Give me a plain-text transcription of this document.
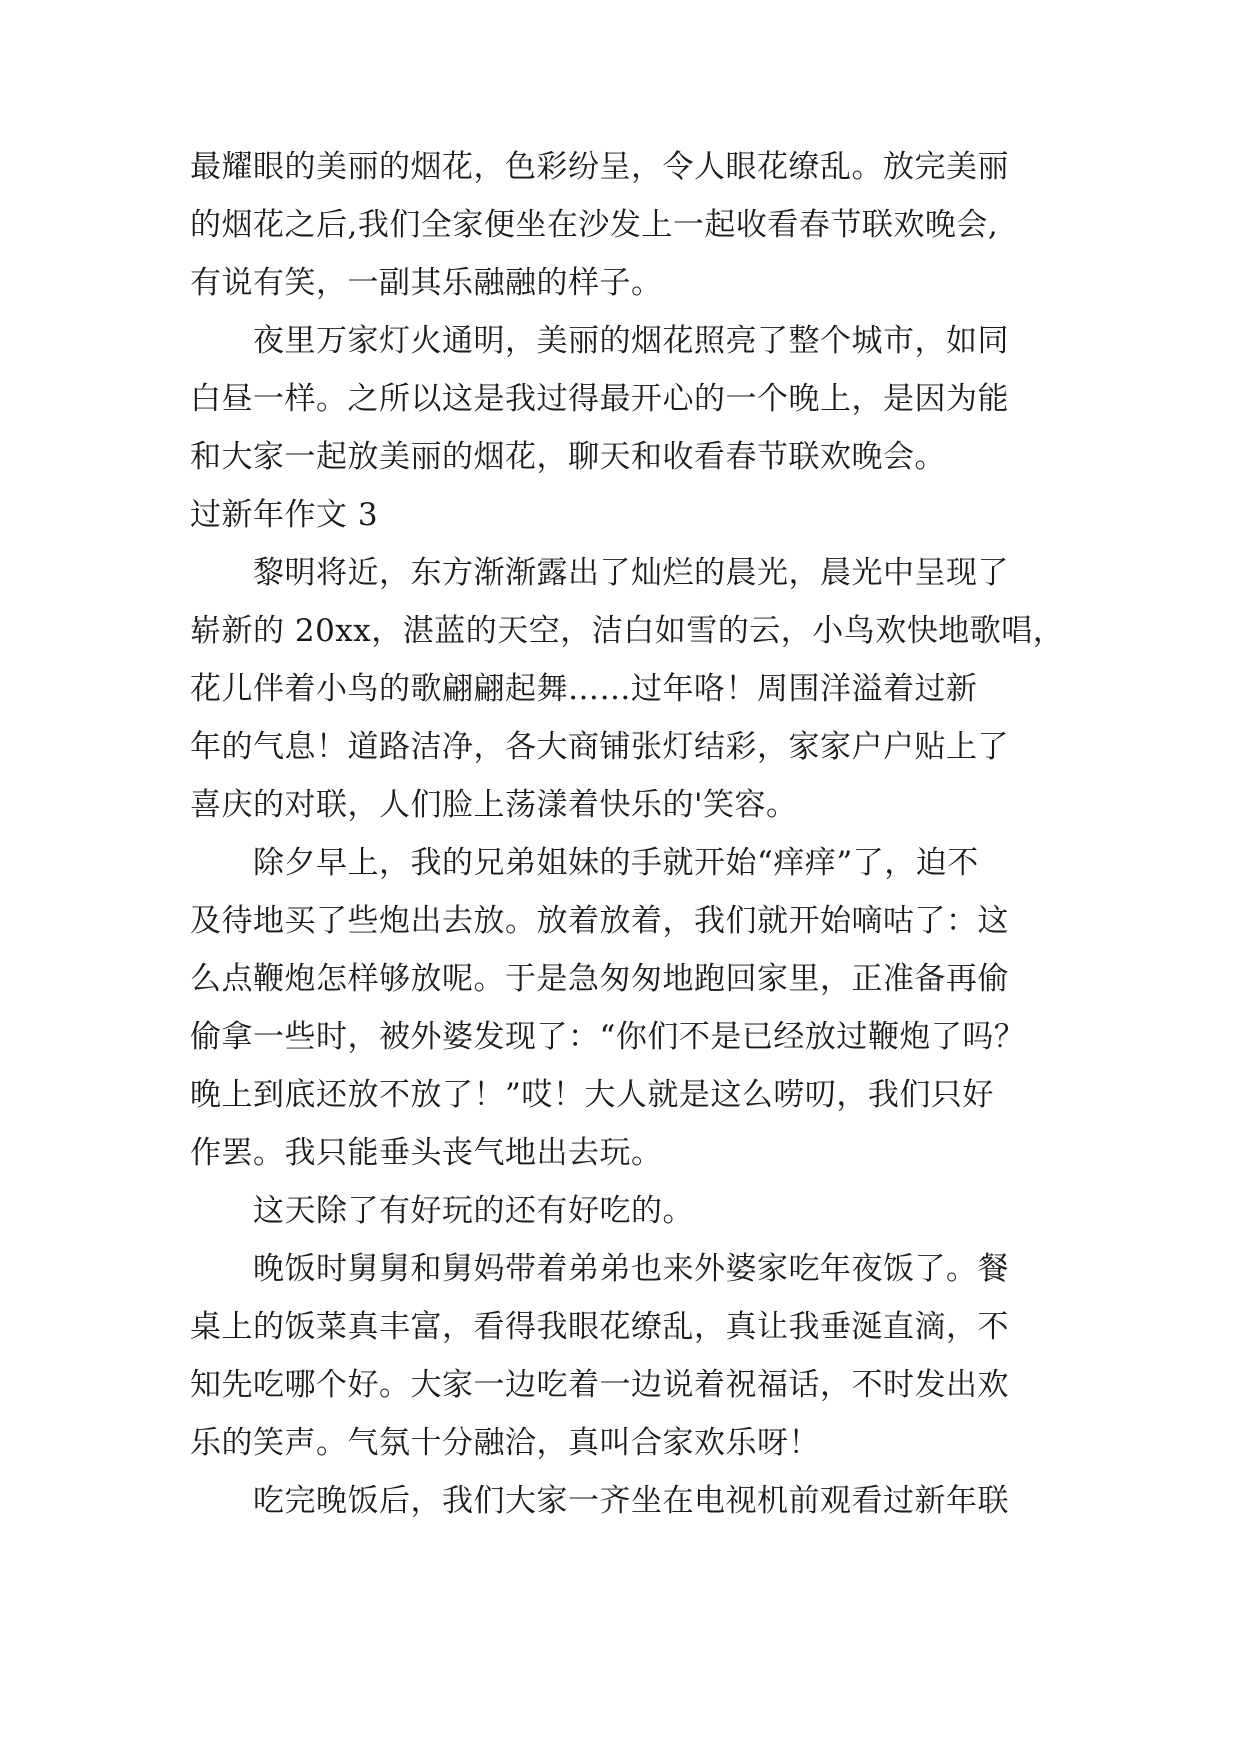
最耀眼的美丽的烟花，色彩纷呈，令人眼花缭乱。放完美丽
的烟花之后,我们全家便坐在沙发上一起收看春节联欢晚会,
有说有笑，一副其乐融融的样子。
　　夜里万家灯火通明，美丽的烟花照亮了整个城市，如同
白昼一样。之所以这是我过得最开心的一个晚上，是因为能
和大家一起放美丽的烟花，聊天和收看春节联欢晚会。
过新年作文 3
　　黎明将近，东方渐渐露出了灿烂的晨光，晨光中呈现了
崭新的 20xx，湛蓝的天空，洁白如雪的云，小鸟欢快地歌唱，
花儿伴着小鸟的歌翩翩起舞……过年咯！周围洋溢着过新
年的气息！道路洁净，各大商铺张灯结彩，家家户户贴上了
喜庆的对联，人们脸上荡漾着快乐的'笑容。
　　除夕早上，我的兄弟姐妹的手就开始“痒痒”了，迫不
及待地买了些炮出去放。放着放着，我们就开始嘀咕了：这
么点鞭炮怎样够放呢。于是急匆匆地跑回家里，正准备再偷
偷拿一些时，被外婆发现了：“你们不是已经放过鞭炮了吗？
晚上到底还放不放了！”哎！大人就是这么唠叨，我们只好
作罢。我只能垂头丧气地出去玩。
　　这天除了有好玩的还有好吃的。
　　晚饭时舅舅和舅妈带着弟弟也来外婆家吃年夜饭了。餐
桌上的饭菜真丰富，看得我眼花缭乱，真让我垂涎直滴，不
知先吃哪个好。大家一边吃着一边说着祝福话，不时发出欢
乐的笑声。气氛十分融洽，真叫合家欢乐呀！
　　吃完晚饭后，我们大家一齐坐在电视机前观看过新年联
